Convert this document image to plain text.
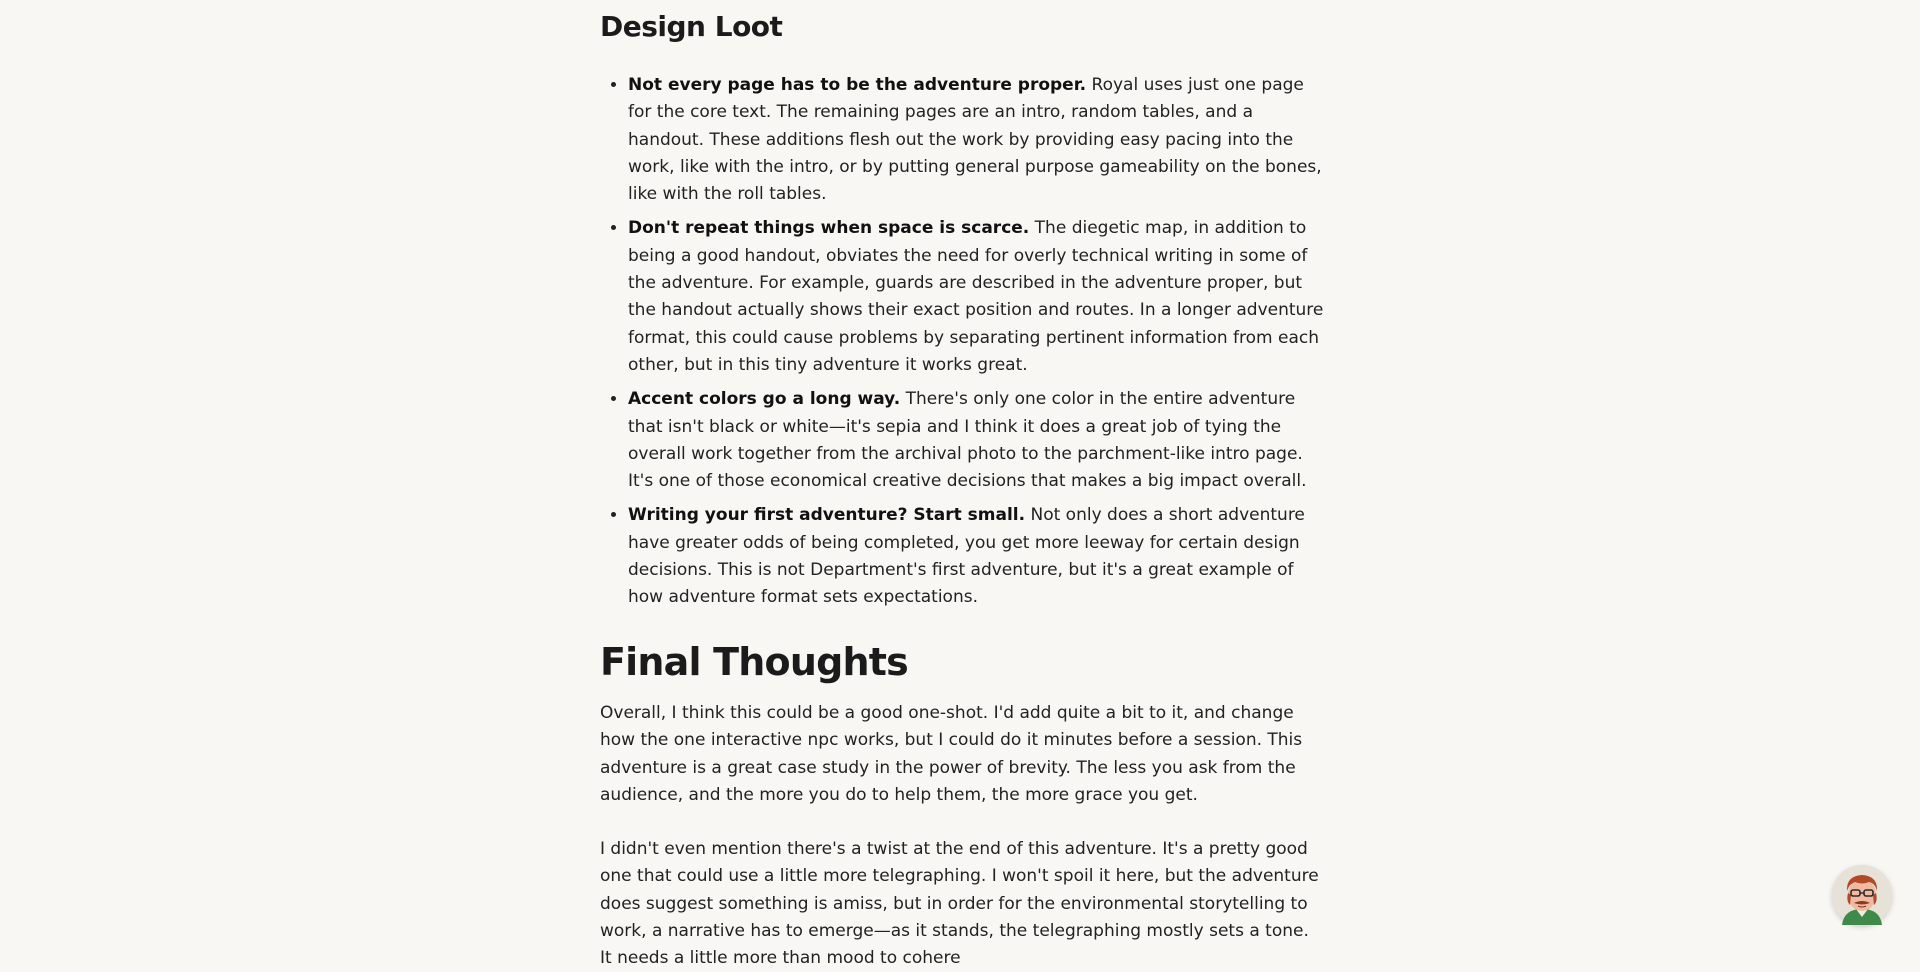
Design Loot
• Not every page has to be the adventure proper. Royal uses just one page for the core text. The remaining pages are an intro, random tables, and a handout. These additions flesh out the work by providing easy pacing into the work, like with the intro, or by putting general purpose gameability on the bones, like with the roll tables.
• Don't repeat things when space is scarce. The diegetic map, in addition to being a good handout, obviates the need for overly technical writing in some of the adventure. For example, guards are described in the adventure proper, but the handout actually shows their exact position and routes. In a longer adventure format, this could cause problems by separating pertinent information from each other, but in this tiny adventure it works great.
• Accent colors go a long way. There's only one color in the entire adventure that isn't black or white—it's sepia and I think it does a great job of tying the overall work together from the archival photo to the parchment-like intro page. It's one of those economical creative decisions that makes a big impact overall.
• Writing your first adventure? Start small. Not only does a short adventure have greater odds of being completed, you get more leeway for certain design decisions. This is not Department's first adventure, but it's a great example of how adventure format sets expectations.
Final Thoughts

Overall, I think this could be a good one-shot. I'd add quite a bit to it, and change how the one interactive npc works, but I could do it minutes before a session. This adventure is a great case study in the power of brevity. The less you ask from the audience, and the more you do to help them, the more grace you get.

I didn't even mention there's a twist at the end of this adventure. It's a pretty good one that could use a little more telegraphing. I won't spoil it here, but the adventure does suggest something is amiss, but in order for the environmental storytelling to work, a narrative has to emerge—as it stands, the telegraphing mostly sets a tone. It needs a little more than mood to cohere
